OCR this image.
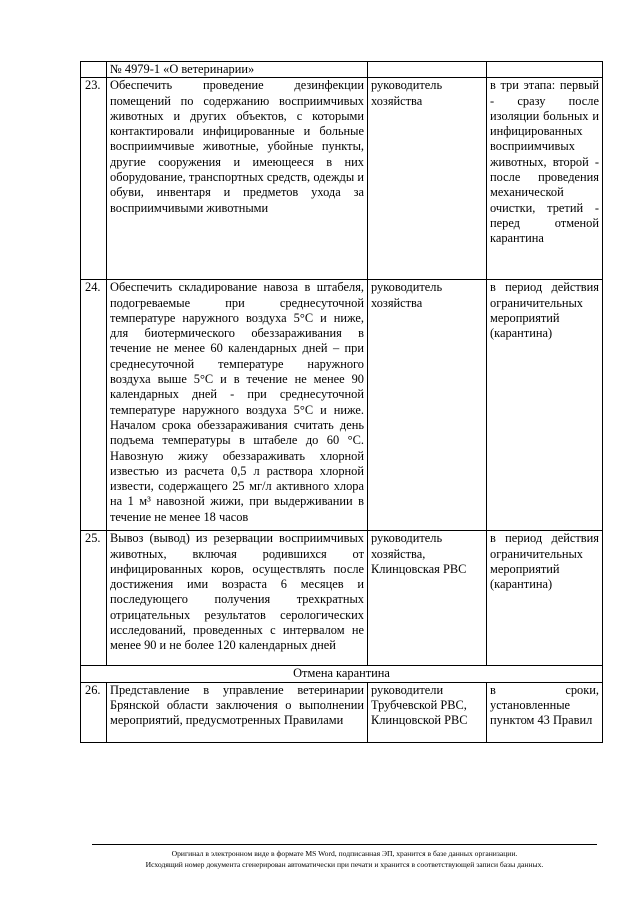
	№ 4979-1 «О ветеринарии»		
23.	Обеспечить проведение дезинфекции помещений по содержанию восприимчивых животных и других объектов, с которыми контактировали инфицированные и больные восприимчивые животные, убойные пункты, другие сооружения и имеющееся в них оборудование, транспортных средств, одежды и обуви, инвентаря и предметов ухода за восприимчивыми животными	руководитель хозяйства	в три этапа: первый - сразу после изоляции больных и инфицированных восприимчивых животных, второй - после проведения механической очистки, третий - перед отменой карантина
24.	Обеспечить складирование навоза в штабеля, подогреваемые при среднесуточной температуре наружного воздуха 5°С и ниже, для биотермического обеззараживания в течение не менее 60 календарных дней – при среднесуточной температуре наружного воздуха выше 5°С и в течение не менее 90 календарных дней - при среднесуточной температуре наружного воздуха 5°С и ниже. Началом срока обеззараживания считать день подъема температуры в штабеле до 60 °С. Навозную жижу обеззараживать хлорной известью из расчета 0,5 л раствора хлорной извести, содержащего 25 мг/л активного хлора на 1 м³ навозной жижи, при выдерживании в течение не менее 18 часов	руководитель хозяйства	в период действия ограничительных мероприятий (карантина)
25.	Вывоз (вывод) из резервации восприимчивых животных, включая родившихся от инфицированных коров, осуществлять после достижения ими возраста 6 месяцев и последующего получения трехкратных отрицательных результатов серологических исследований, проведенных с интервалом не менее 90 и не более 120 календарных дней	руководитель хозяйства, Клинцовская РВС	в период действия ограничительных мероприятий (карантина)
Отмена карантина			
26.	Представление в управление ветеринарии Брянской области заключения о выполнении мероприятий, предусмотренных Правилами	руководители Трубчевской РВС, Клинцовской РВС	в сроки, установленные пунктом 43 Правил
Оригинал в электронном виде в формате MS Word, подписанная ЭП, хранится в базе данных организации.
Исходящий номер документа сгенерирован автоматически при печати и хранится в соответствующей записи базы данных.
